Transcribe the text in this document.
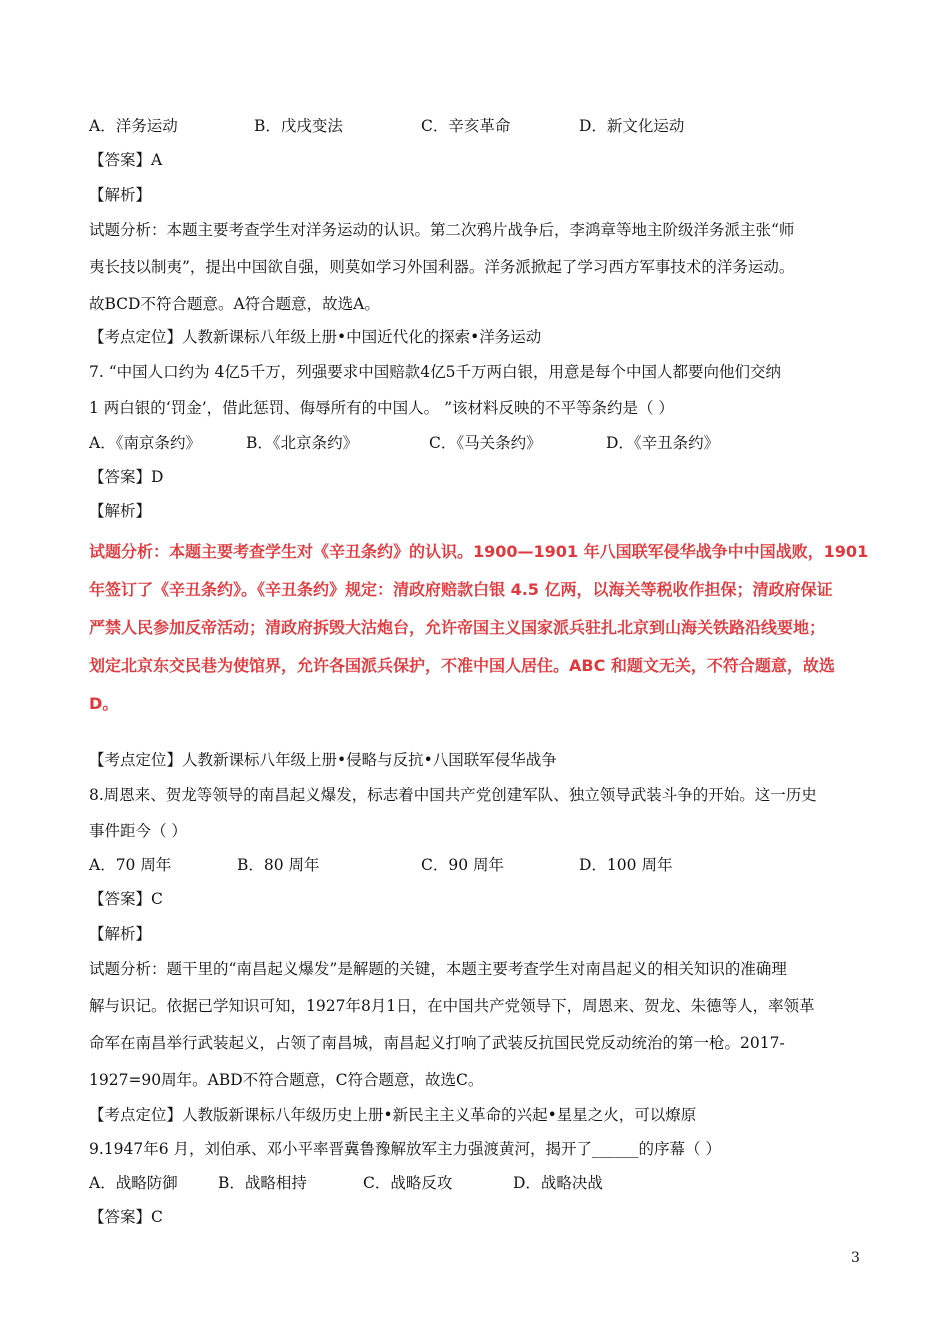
A．洋务运动	B．戊戌变法	C．辛亥革命	D．新文化运动
【答案】A
【解析】
试题分析：本题主要考查学生对洋务运动的认识。第二次鸦片战争后，李鸿章等地主阶级洋务派主张“师
夷长技以制夷”，提出中国欲自强，则莫如学习外国利器。洋务派掀起了学习西方军事技术的洋务运动。
故BCD不符合题意。A符合题意，故选A。
【考点定位】人教新课标八年级上册•中国近代化的探索•洋务运动
7. “中国人口约为 4亿5千万，列强要求中国赔款4亿5千万两白银，用意是每个中国人都要向他们交纳
1 两白银的‘罚金’，借此惩罚、侮辱所有的中国人。 ”该材料反映的不平等条约是（ ）
A．《南京条约》	B．《北京条约》	C．《马关条约》	D．《辛丑条约》
【答案】D
【解析】
试题分析：本题主要考查学生对《辛丑条约》的认识。1900—1901 年八国联军侵华战争中中国战败，1901
年签订了《辛丑条约》。《辛丑条约》规定：清政府赔款白银 4.5 亿两，以海关等税收作担保；清政府保证
严禁人民参加反帝活动；清政府拆毁大沽炮台，允许帝国主义国家派兵驻扎北京到山海关铁路沿线要地；
划定北京东交民巷为使馆界，允许各国派兵保护，不准中国人居住。ABC 和题文无关，不符合题意，故选
D。
【考点定位】人教新课标八年级上册•侵略与反抗•八国联军侵华战争
8.周恩来、贺龙等领导的南昌起义爆发，标志着中国共产党创建军队、独立领导武装斗争的开始。这一历史
事件距今（ ）
A．70 周年	B．80 周年	C．90 周年	D．100 周年
【答案】C
【解析】
试题分析：题干里的“南昌起义爆发”是解题的关键，本题主要考查学生对南昌起义的相关知识的准确理
解与识记。依据已学知识可知，1927年8月1日，在中国共产党领导下，周恩来、贺龙、朱德等人，率领革
命军在南昌举行武装起义，占领了南昌城，南昌起义打响了武装反抗国民党反动统治的第一枪。2017-
1927=90周年。ABD不符合题意，C符合题意，故选C。
【考点定位】人教版新课标八年级历史上册•新民主主义革命的兴起•星星之火，可以燎原
9.1947年6 月，刘伯承、邓小平率晋冀鲁豫解放军主力强渡黄河，揭开了______的序幕（ ）
A．战略防御	B．战略相持	C．战略反攻	D．战略决战
【答案】C
3
